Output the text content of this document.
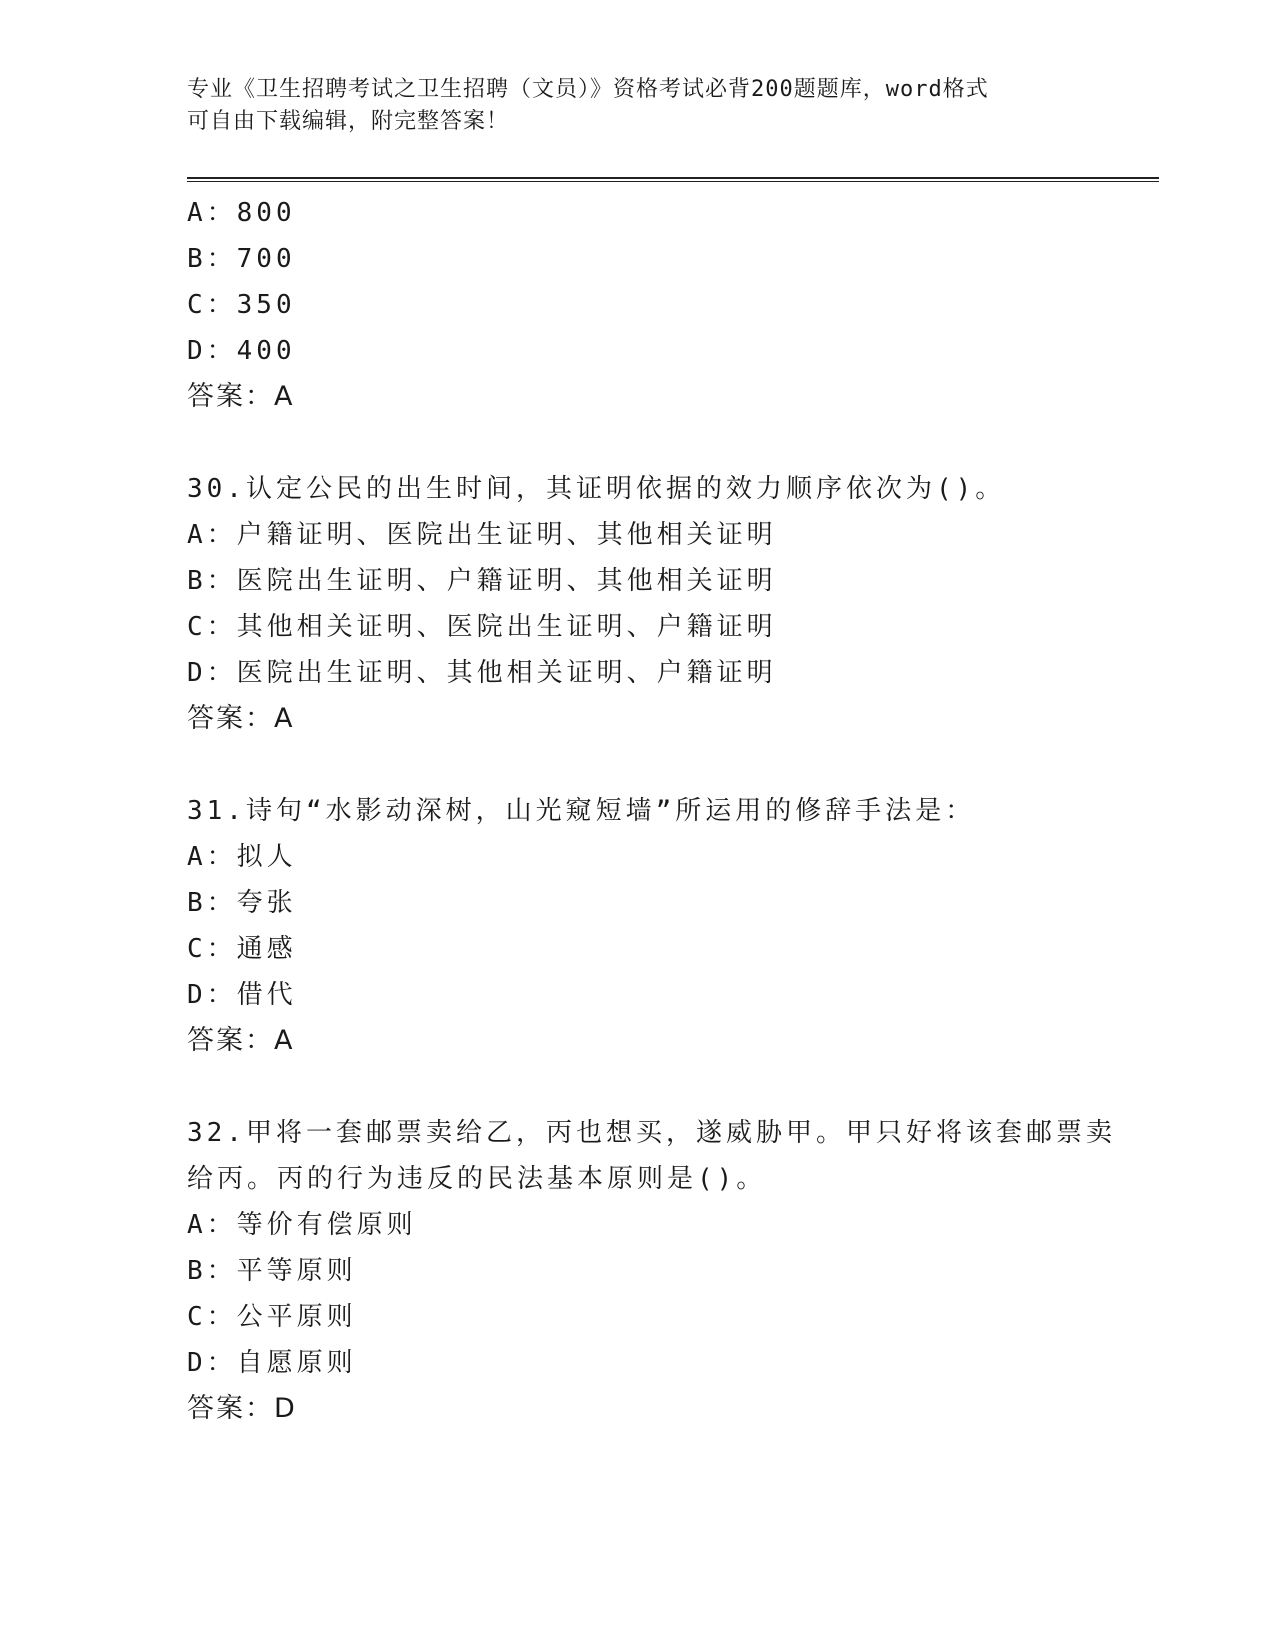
专业《卫生招聘考试之卫生招聘（文员）》资格考试必背200题题库，word格式
可自由下载编辑，附完整答案！
A：800
B：700
C：350
D：400
答案：A
30.认定公民的出生时间，其证明依据的效力顺序依次为()。
A：户籍证明、医院出生证明、其他相关证明
B：医院出生证明、户籍证明、其他相关证明
C：其他相关证明、医院出生证明、户籍证明
D：医院出生证明、其他相关证明、户籍证明
答案：A
31.诗句“水影动深树，山光窥短墙”所运用的修辞手法是：
A：拟人
B：夸张
C：通感
D：借代
答案：A
32.甲将一套邮票卖给乙，丙也想买，遂威胁甲。甲只好将该套邮票卖
给丙。丙的行为违反的民法基本原则是()。
A：等价有偿原则
B：平等原则
C：公平原则
D：自愿原则
答案：D
